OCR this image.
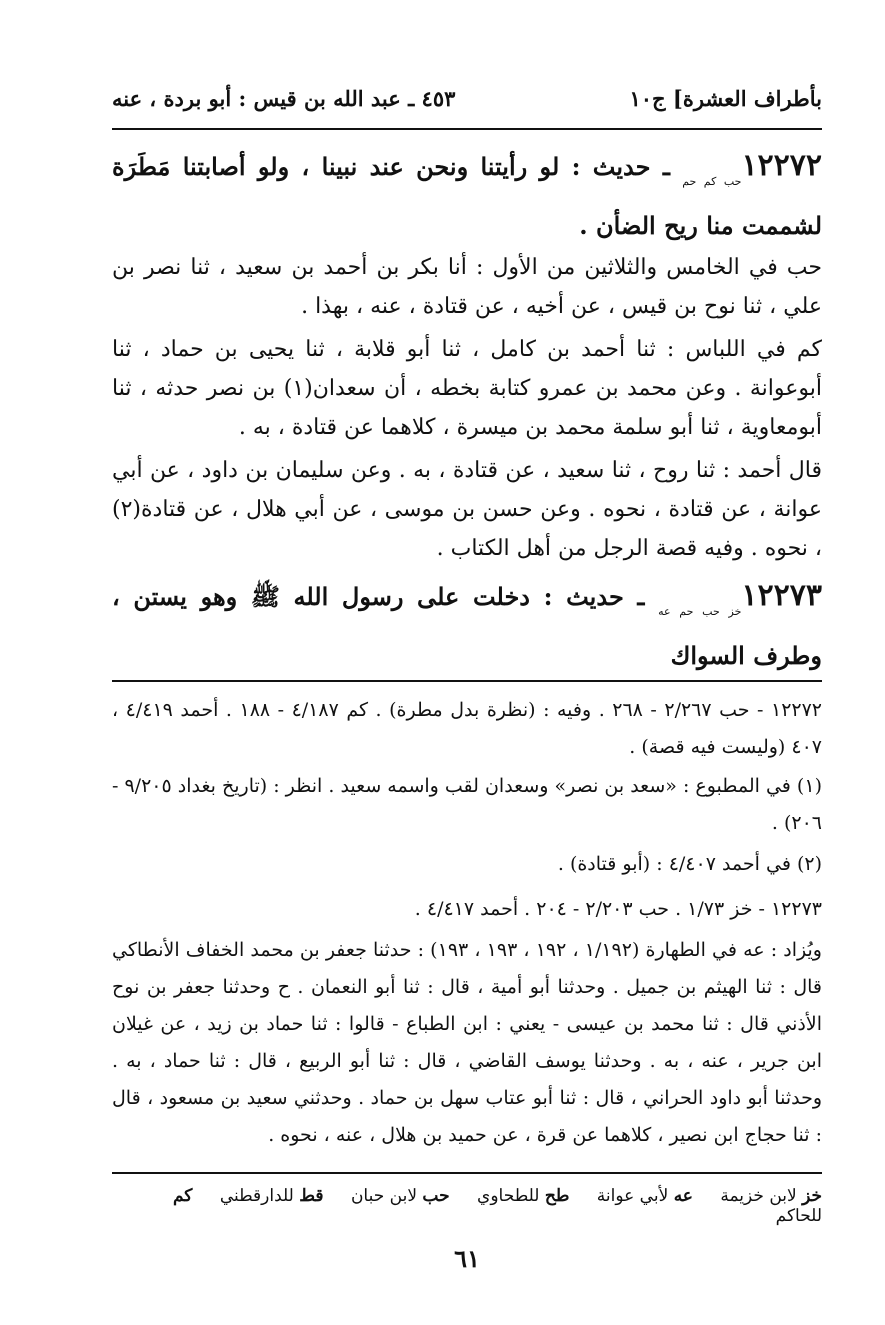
بأطراف العشرة] ج١٠
٤٥٣ ـ عبد الله بن قيس : أبو بردة ، عنه
$١٢٢٧٢_{حب كم حم}$ ـ حديث : لو رأيتنا ونحن عند نبينا ، ولو أصابتنا مَطَرَة لشممت منا ريح الضأن .

حب في الخامس والثلاثين من الأول : أنا بكر بن أحمد بن سعيد ، ثنا نصر بن علي ، ثنا نوح بن قيس ، عن أخيه ، عن قتادة ، عنه ، بهذا .

كم في اللباس : ثنا أحمد بن كامل ، ثنا أبو قلابة ، ثنا يحيى بن حماد ، ثنا أبوعوانة . وعن محمد بن عمرو كتابة بخطه ، أن سعدان(١) بن نصر حدثه ، ثنا أبومعاوية ، ثنا أبو سلمة محمد بن ميسرة ، كلاهما عن قتادة ، به .

قال أحمد : ثنا روح ، ثنا سعيد ، عن قتادة ، به . وعن سليمان بن داود ، عن أبي عوانة ، عن قتادة ، نحوه . وعن حسن بن موسى ، عن أبي هلال ، عن قتادة(٢) ، نحوه . وفيه قصة الرجل من أهل الكتاب .

$١٢٢٧٣_{خز حب حم عه}$ ـ حديث : دخلت على رسول الله ﷺ وهو يستن ، وطرف السواك
١٢٢٧٢ - حب ٢/٢٦٧ - ٢٦٨ . وفيه : (نظرة بدل مطرة) . كم ٤/١٨٧ - ١٨٨ . أحمد ٤/٤١٩ ، ٤٠٧ (وليست فيه قصة) .
(١) في المطبوع : «سعد بن نصر» وسعدان لقب واسمه سعيد . انظر : (تاريخ بغداد ٩/٢٠٥ - ٢٠٦) .
(٢) في أحمد ٤/٤٠٧ : (أبو قتادة) .
١٢٢٧٣ - خز ١/٧٣ . حب ٢/٢٠٣ - ٢٠٤ . أحمد ٤/٤١٧ .
ويُزاد : عه في الطهارة (١/١٩٢ ، ١٩٢ ، ١٩٣ ، ١٩٣) : حدثنا جعفر بن محمد الخفاف الأنطاكي قال : ثنا الهيثم بن جميل . وحدثنا أبو أمية ، قال : ثنا أبو النعمان . ح وحدثنا جعفر بن نوح الأذني قال : ثنا محمد بن عيسى - يعني : ابن الطباع - قالوا : ثنا حماد بن زيد ، عن غيلان ابن جرير ، عنه ، به . وحدثنا يوسف القاضي ، قال : ثنا أبو الربيع ، قال : ثنا حماد ، به . وحدثنا أبو داود الحراني ، قال : ثنا أبو عتاب سهل بن حماد . وحدثني سعيد بن مسعود ، قال : ثنا حجاج ابن نصير ، كلاهما عن قرة ، عن حميد بن هلال ، عنه ، نحوه .
خز لابن خزيمة عه لأبي عوانة طح للطحاوي حب لابن حبان قط للدارقطني كم للحاكم
٦١
